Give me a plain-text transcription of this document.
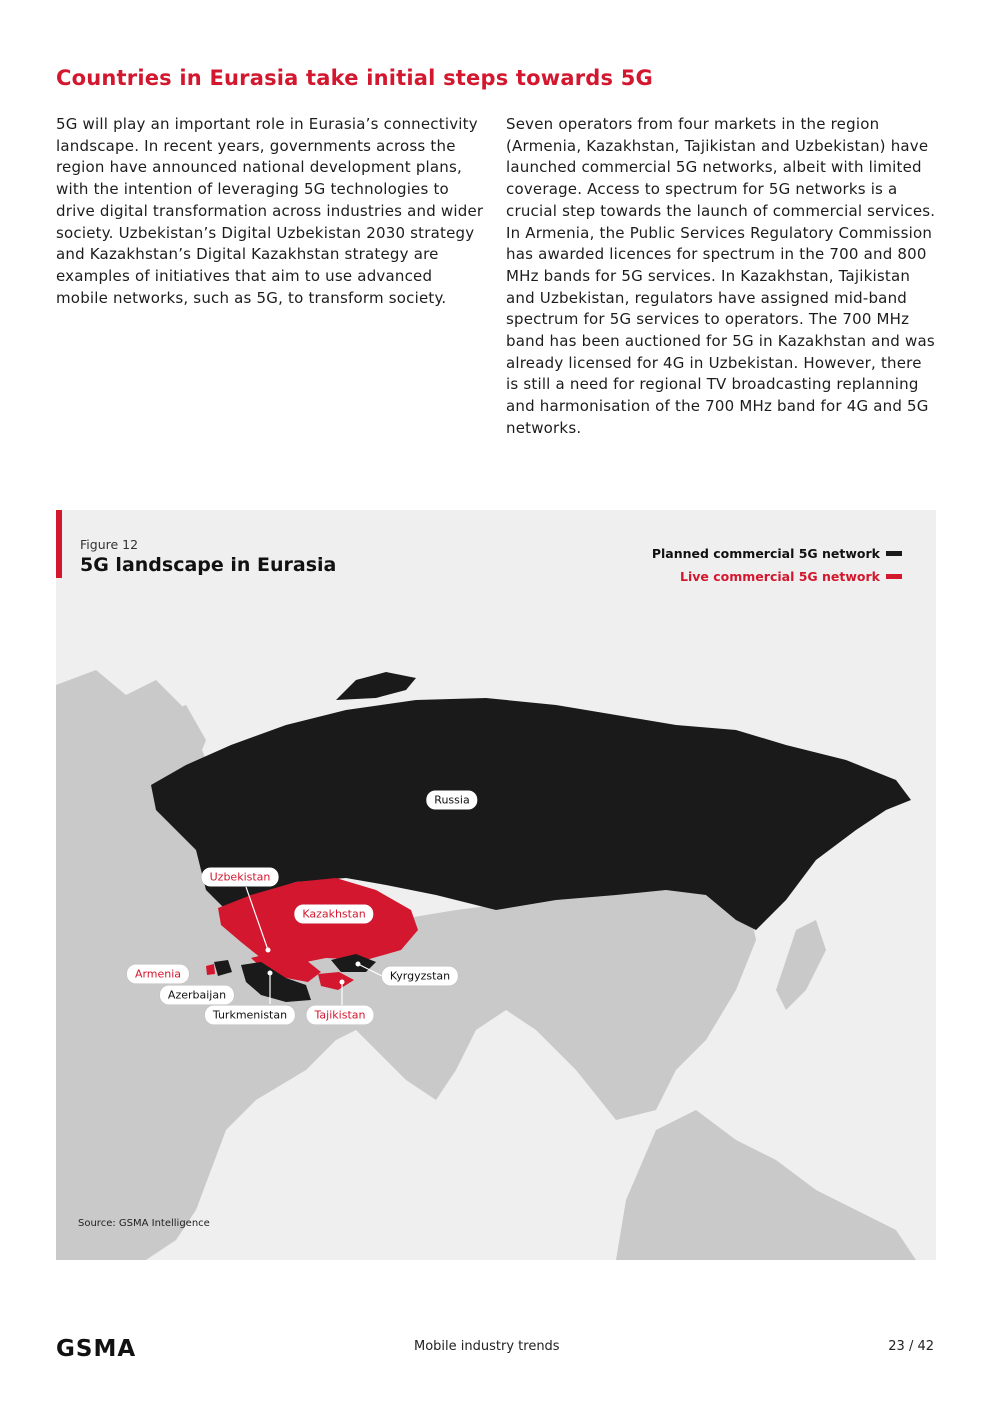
Countries in Eurasia take initial steps towards 5G

5G will play an important role in Eurasia’s connectivity landscape. In recent years, governments across the region have announced national development plans, with the intention of leveraging 5G technologies to drive digital transformation across industries and wider society. Uzbekistan’s Digital Uzbekistan 2030 strategy and Kazakhstan’s Digital Kazakhstan strategy are examples of initiatives that aim to use advanced mobile networks, such as 5G, to transform society.

Seven operators from four markets in the region (Armenia, Kazakhstan, Tajikistan and Uzbekistan) have launched commercial 5G networks, albeit with limited coverage. Access to spectrum for 5G networks is a crucial step towards the launch of commercial services. In Armenia, the Public Services Regulatory Commission has awarded licences for spectrum in the 700 and 800 MHz bands for 5G services. In Kazakhstan, Tajikistan and Uzbekistan, regulators have assigned mid-band spectrum for 5G services to operators. The 700 MHz band has been auctioned for 5G in Kazakhstan and was already licensed for 4G in Uzbekistan. However, there is still a need for regional TV broadcasting replanning and harmonisation of the 700 MHz band for 4G and 5G networks.

Figure 12
5G landscape in Eurasia
Planned commercial 5G network
Live commercial 5G network
Russia
Uzbekistan
Kazakhstan
Armenia
Azerbaijan
Turkmenistan	Tajikistan
Kyrgyzstan
Source: GSMA Intelligence
GSMA	Mobile industry trends	23 / 42
